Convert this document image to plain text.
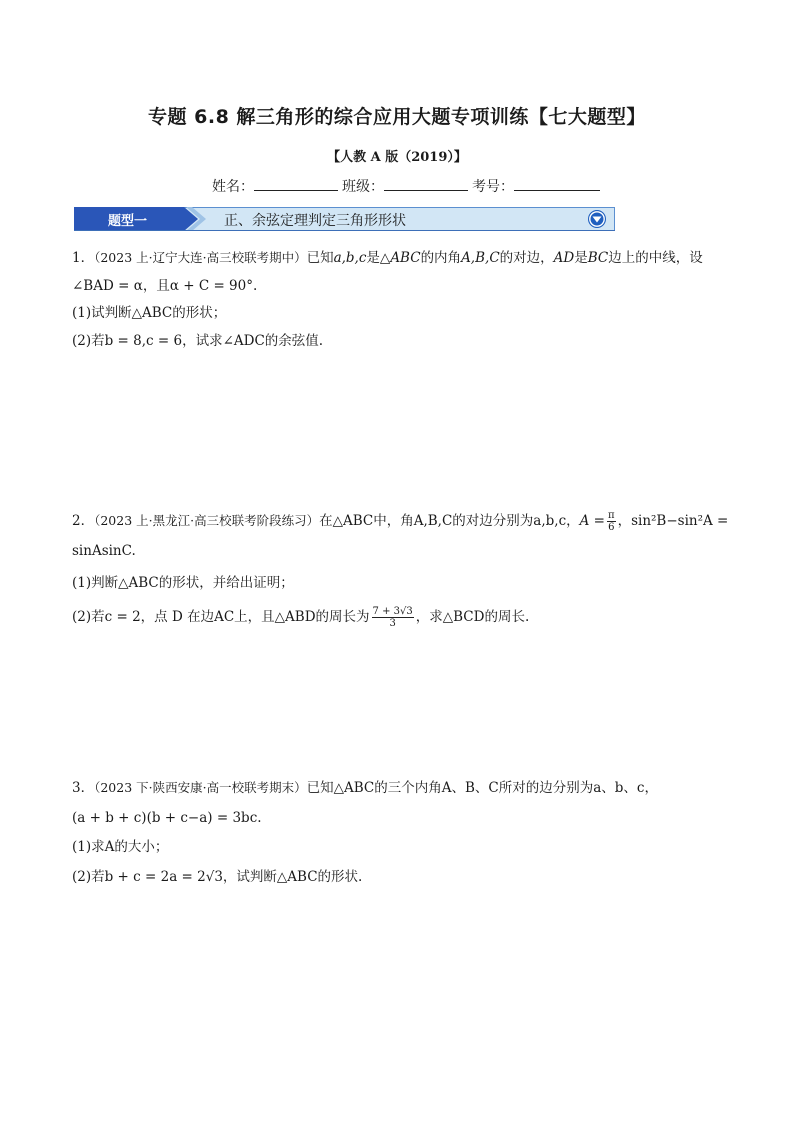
专题 6.8 解三角形的综合应用大题专项训练【七大题型】
【人教 A 版（2019）】
姓名：	班级：	考号：
题型一	正、余弦定理判定三角形形状
1．（2023 上·辽宁大连·高三校联考期中）已知a,b,c是△ABC的内角A,B,C的对边，AD是BC边上的中线，设
∠BAD = α，且α + C = 90°.
(1)试判断△ABC的形状；
(2)若b = 8,c = 6，试求∠ADC的余弦值.
2．（2023 上·黑龙江·高三校联考阶段练习）在△ABC中，角A,B,C的对边分别为a,b,c，$A = \frac{\pi}{6}$ ，sin²B−sin²A =
sinAsinC.
(1)判断△ABC的形状，并给出证明；
(2)若c = 2，点 D 在边AC上，且△ABD的周长为 $\frac{7 + 3√3}{3}$ ，求△BCD的周长.
3．（2023 下·陕西安康·高一校联考期末）已知△ABC的三个内角A、B、C所对的边分别为a、b、c，
(a + b + c)(b + c−a) = 3bc.
(1)求A的大小；
(2)若b + c = 2a = 2√3，试判断△ABC的形状.
